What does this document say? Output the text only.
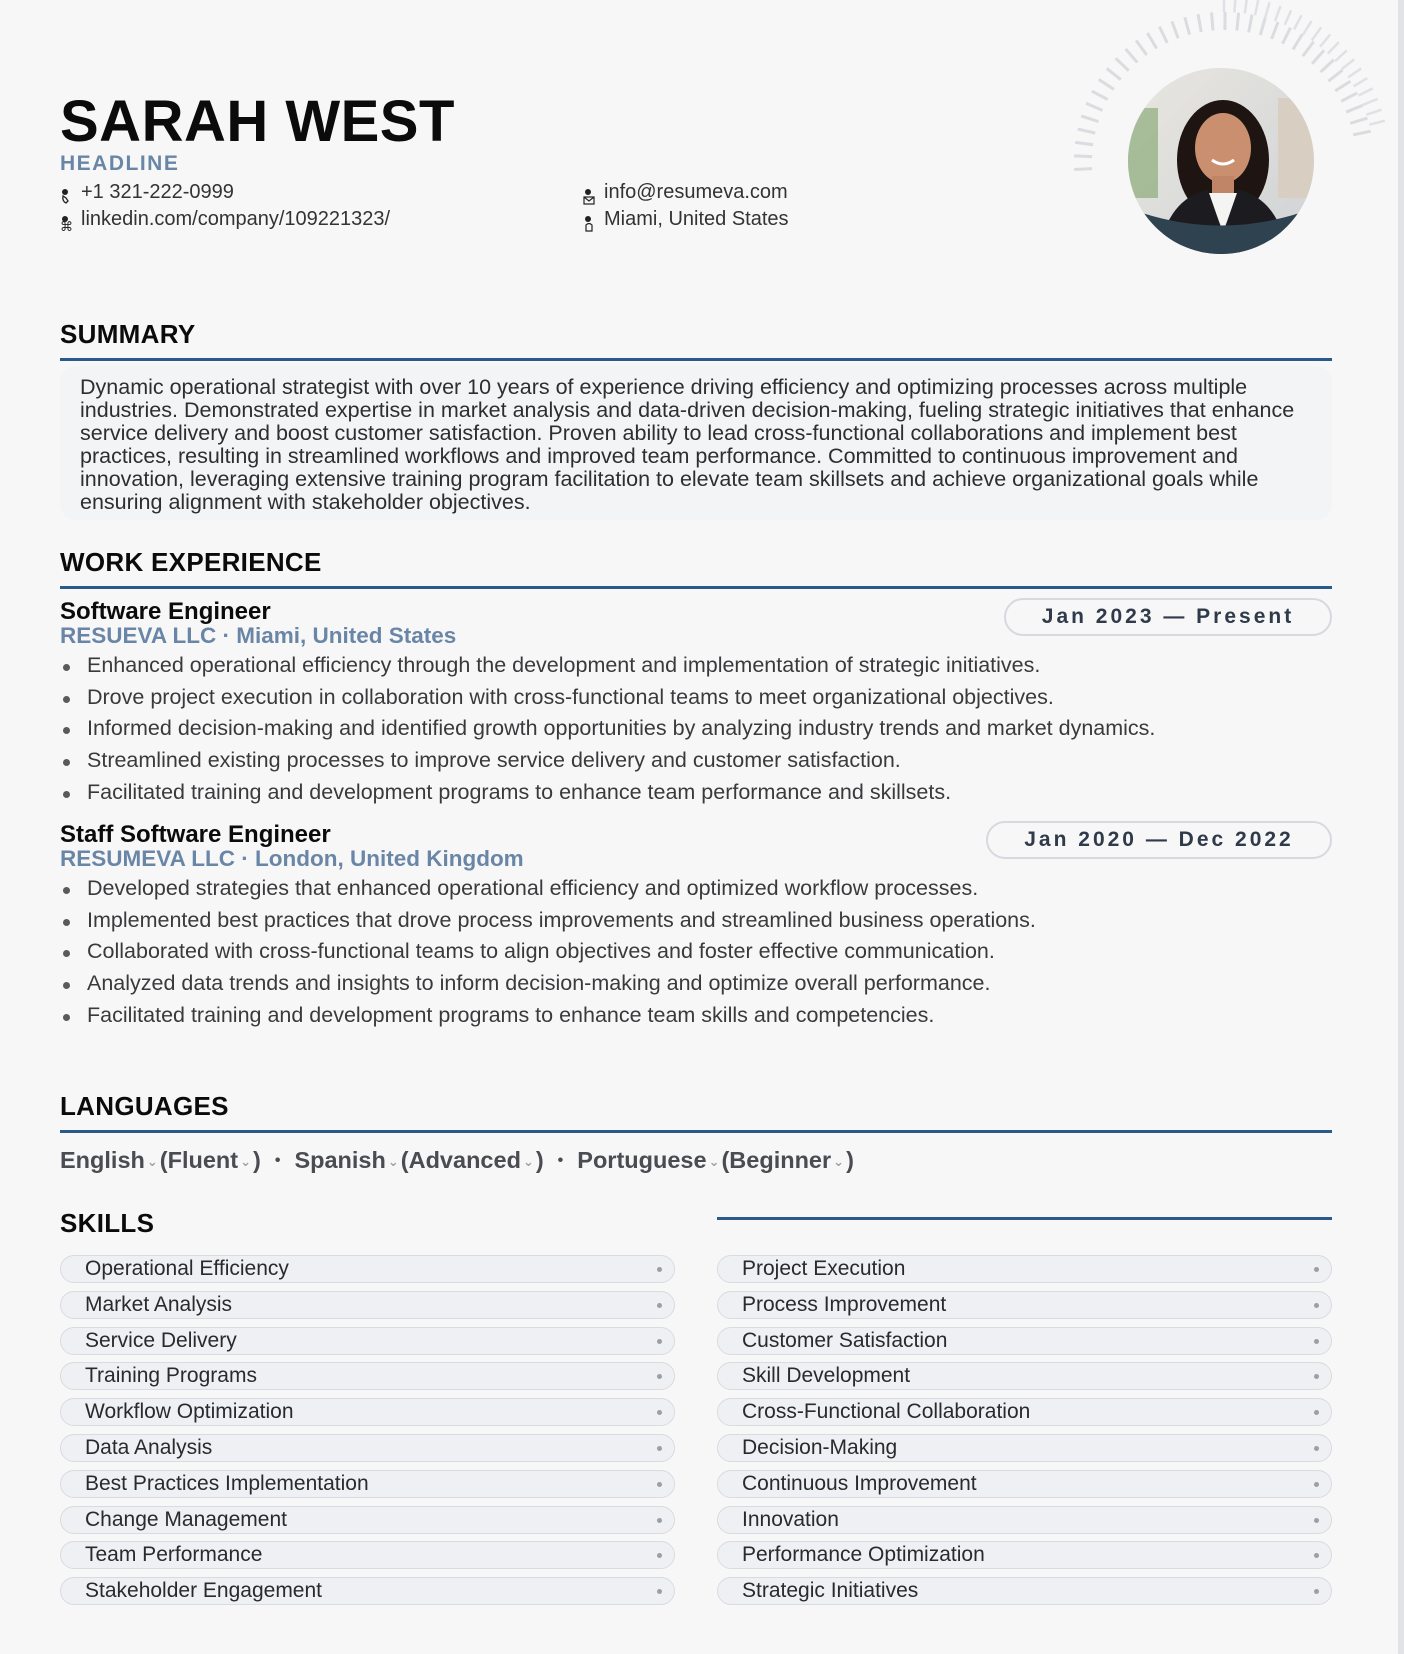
SARAH WEST
HEADLINE
+1 321-222-0999
⌘ linkedin.com/company/109221323/
info@resumeva.com
Miami, United States
SUMMARY
Dynamic operational strategist with over 10 years of experience driving efficiency and optimizing processes across multiple industries. Demonstrated expertise in market analysis and data-driven decision-making, fueling strategic initiatives that enhance service delivery and boost customer satisfaction. Proven ability to lead cross-functional collaborations and implement best practices, resulting in streamlined workflows and improved team performance. Committed to continuous improvement and innovation, leveraging extensive training program facilitation to elevate team skillsets and achieve organizational goals while ensuring alignment with stakeholder objectives.
WORK EXPERIENCE
Software Engineer
RESUEVA LLC · Miami, United States
Jan 2023 — Present
Enhanced operational efficiency through the development and implementation of strategic initiatives.
Drove project execution in collaboration with cross-functional teams to meet organizational objectives.
Informed decision-making and identified growth opportunities by analyzing industry trends and market dynamics.
Streamlined existing processes to improve service delivery and customer satisfaction.
Facilitated training and development programs to enhance team performance and skillsets.
Staff Software Engineer
RESUMEVA LLC · London, United Kingdom
Jan 2020 — Dec 2022
Developed strategies that enhanced operational efficiency and optimized workflow processes.
Implemented best practices that drove process improvements and streamlined business operations.
Collaborated with cross-functional teams to align objectives and foster effective communication.
Analyzed data trends and insights to inform decision-making and optimize overall performance.
Facilitated training and development programs to enhance team skills and competencies.
LANGUAGES
English ⌄ ( Fluent ⌄ ) • Spanish ⌄ ( Advanced ⌄ ) • Portuguese ⌄ ( Beginner ⌄ )
SKILLS
Operational Efficiency
Market Analysis
Service Delivery
Training Programs
Workflow Optimization
Data Analysis
Best Practices Implementation
Change Management
Team Performance
Stakeholder Engagement
Project Execution
Process Improvement
Customer Satisfaction
Skill Development
Cross-Functional Collaboration
Decision-Making
Continuous Improvement
Innovation
Performance Optimization
Strategic Initiatives
